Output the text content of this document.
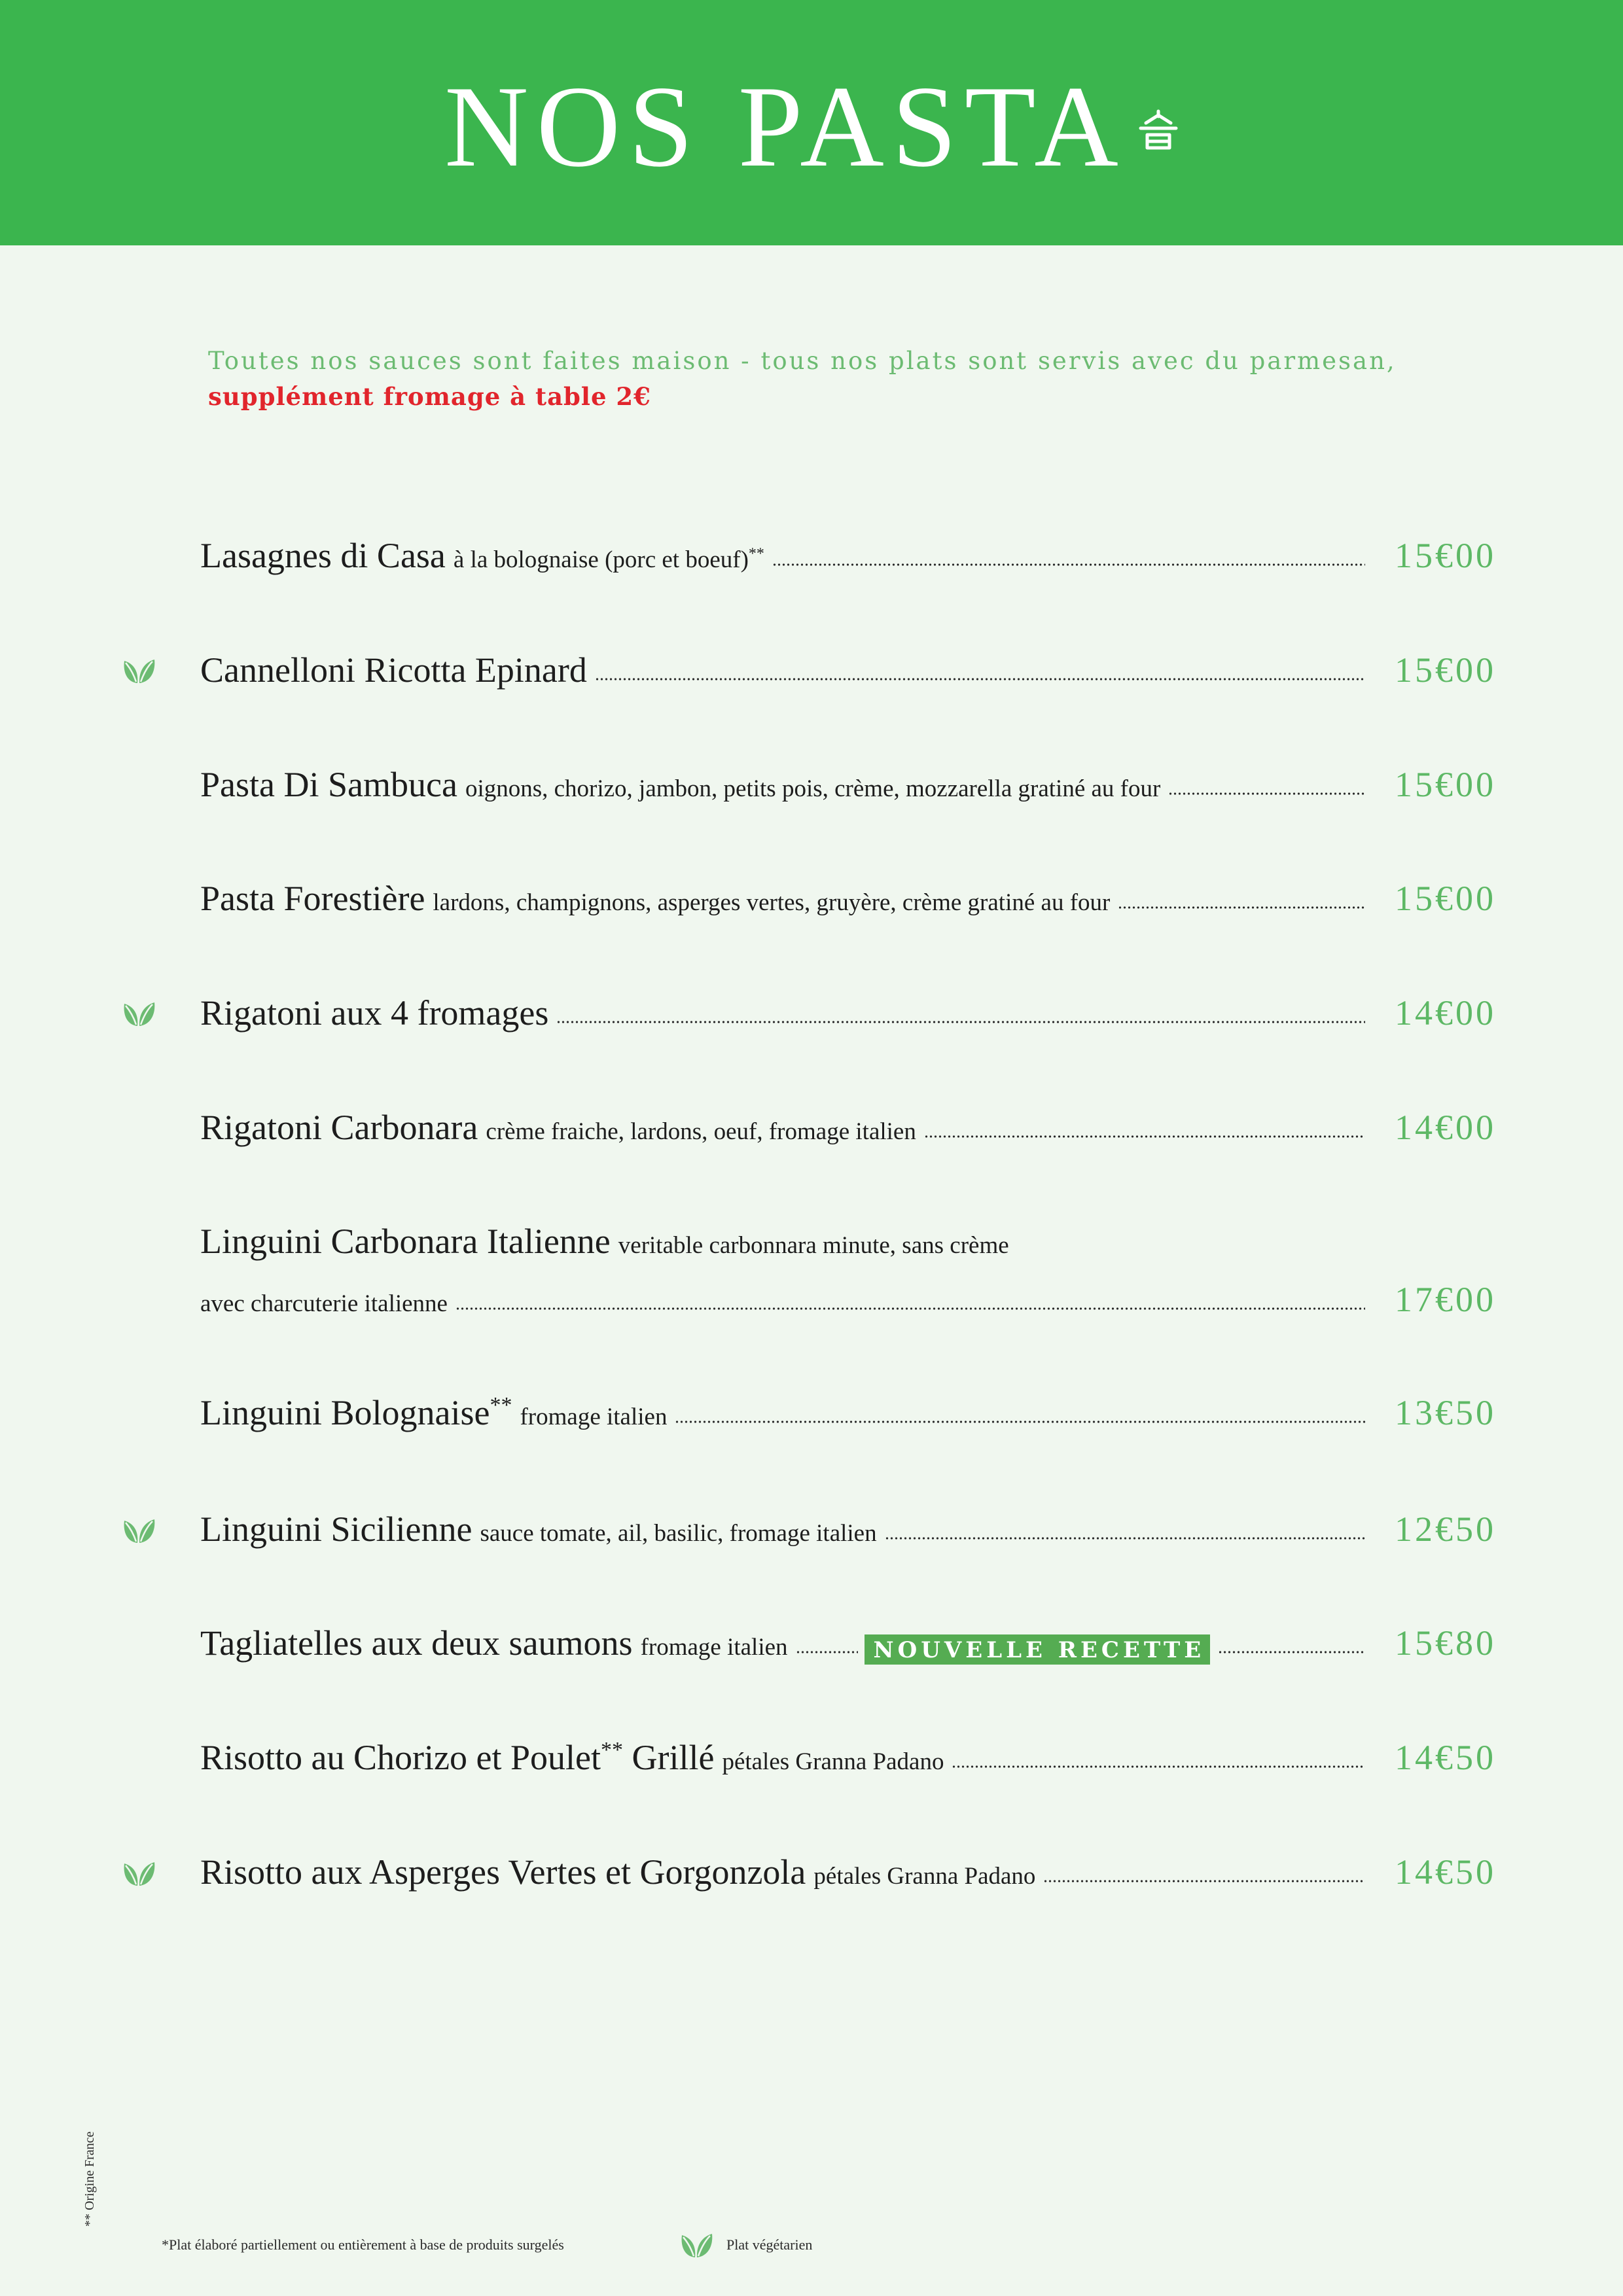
NOS PASTA

Toutes nos sauces sont faites maison - tous nos plats sont servis avec du parmesan,

supplément fromage à table 2€

Lasagnes di Casa à la bolognaise (porc et boeuf)**	15€00
Cannelloni Ricotta Epinard	15€00
Pasta Di Sambuca oignons, chorizo, jambon, petits pois, crème, mozzarella gratiné au four	15€00
Pasta Forestière lardons, champignons, asperges vertes, gruyère, crème gratiné au four	15€00
Rigatoni aux 4 fromages	14€00
Rigatoni Carbonara crème fraiche, lardons, oeuf, fromage italien	14€00
Linguini Carbonara Italienne veritable carbonnara minute, sans crème
avec charcuterie italienne	17€00
Linguini Bolognaise** fromage italien	13€50
Linguini Sicilienne sauce tomate, ail, basilic, fromage italien	12€50
Tagliatelles aux deux saumons fromage italien	NOUVELLE RECETTE	15€80
Risotto au Chorizo et Poulet** Grillé pétales Granna Padano	14€50
Risotto aux Asperges Vertes et Gorgonzola pétales Granna Padano	14€50
** Origine France
*Plat élaboré partiellement ou entièrement à base de produits surgelés	Plat végétarien
